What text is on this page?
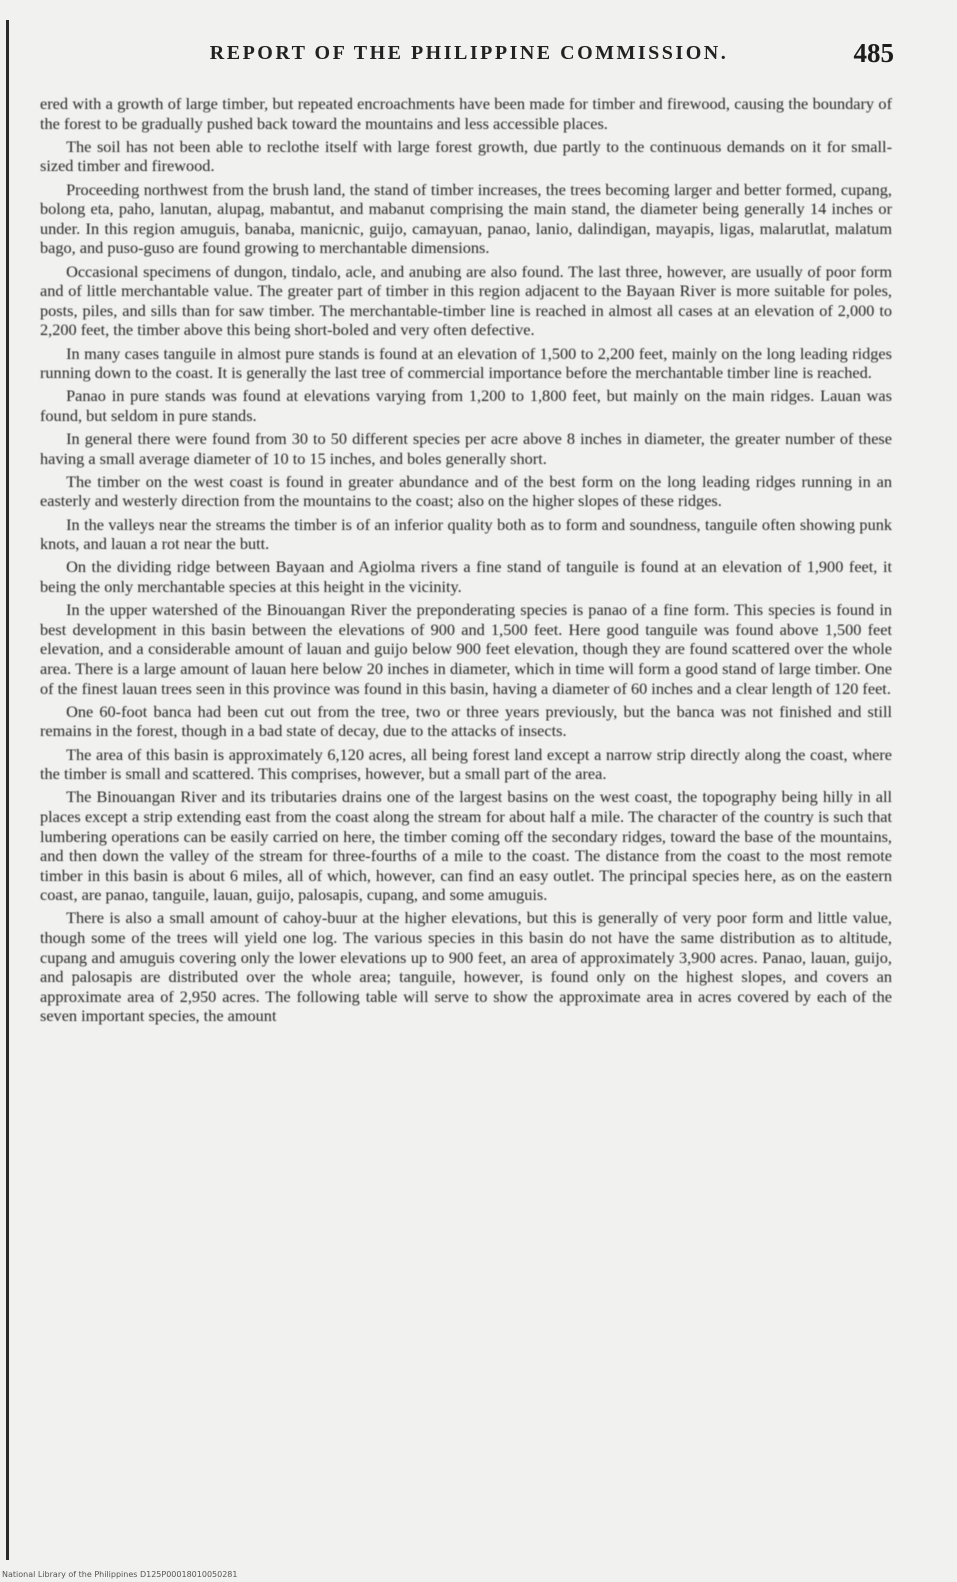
REPORT OF THE PHILIPPINE COMMISSION.	485

ered with a growth of large timber, but repeated encroachments have been made for timber and firewood, causing the boundary of the forest to be gradually pushed back toward the mountains and less accessible places.

The soil has not been able to reclothe itself with large forest growth, due partly to the continuous demands on it for small-sized timber and firewood.

Proceeding northwest from the brush land, the stand of timber increases, the trees becoming larger and better formed, cupang, bolong eta, paho, lanutan, alupag, mabantut, and mabanut comprising the main stand, the diameter being generally 14 inches or under. In this region amuguis, banaba, manicnic, guijo, camayuan, panao, lanio, dalindigan, mayapis, ligas, malarutlat, malatum bago, and puso-guso are found growing to merchantable dimensions.

Occasional specimens of dungon, tindalo, acle, and anubing are also found. The last three, however, are usually of poor form and of little merchantable value. The greater part of timber in this region adjacent to the Bayaan River is more suitable for poles, posts, piles, and sills than for saw timber. The merchantable-timber line is reached in almost all cases at an elevation of 2,000 to 2,200 feet, the timber above this being short-boled and very often defective.

In many cases tanguile in almost pure stands is found at an elevation of 1,500 to 2,200 feet, mainly on the long leading ridges running down to the coast. It is generally the last tree of commercial importance before the merchantable timber line is reached.

Panao in pure stands was found at elevations varying from 1,200 to 1,800 feet, but mainly on the main ridges. Lauan was found, but seldom in pure stands.

In general there were found from 30 to 50 different species per acre above 8 inches in diameter, the greater number of these having a small average diameter of 10 to 15 inches, and boles generally short.

The timber on the west coast is found in greater abundance and of the best form on the long leading ridges running in an easterly and westerly direction from the mountains to the coast; also on the higher slopes of these ridges.

In the valleys near the streams the timber is of an inferior quality both as to form and soundness, tanguile often showing punk knots, and lauan a rot near the butt.

On the dividing ridge between Bayaan and Agiolma rivers a fine stand of tanguile is found at an elevation of 1,900 feet, it being the only merchantable species at this height in the vicinity.

In the upper watershed of the Binouangan River the preponderating species is panao of a fine form. This species is found in best development in this basin between the elevations of 900 and 1,500 feet. Here good tanguile was found above 1,500 feet elevation, and a considerable amount of lauan and guijo below 900 feet elevation, though they are found scattered over the whole area. There is a large amount of lauan here below 20 inches in diameter, which in time will form a good stand of large timber. One of the finest lauan trees seen in this province was found in this basin, having a diameter of 60 inches and a clear length of 120 feet.

One 60-foot banca had been cut out from the tree, two or three years previously, but the banca was not finished and still remains in the forest, though in a bad state of decay, due to the attacks of insects.

The area of this basin is approximately 6,120 acres, all being forest land except a narrow strip directly along the coast, where the timber is small and scattered. This comprises, however, but a small part of the area.

The Binouangan River and its tributaries drains one of the largest basins on the west coast, the topography being hilly in all places except a strip extending east from the coast along the stream for about half a mile. The character of the country is such that lumbering operations can be easily carried on here, the timber coming off the secondary ridges, toward the base of the mountains, and then down the valley of the stream for three-fourths of a mile to the coast. The distance from the coast to the most remote timber in this basin is about 6 miles, all of which, however, can find an easy outlet. The principal species here, as on the eastern coast, are panao, tanguile, lauan, guijo, palosapis, cupang, and some amuguis.

There is also a small amount of cahoy-buur at the higher elevations, but this is generally of very poor form and little value, though some of the trees will yield one log. The various species in this basin do not have the same distribution as to altitude, cupang and amuguis covering only the lower elevations up to 900 feet, an area of approximately 3,900 acres. Panao, lauan, guijo, and palosapis are distributed over the whole area; tanguile, however, is found only on the highest slopes, and covers an approximate area of 2,950 acres. The following table will serve to show the approximate area in acres covered by each of the seven important species, the amount

National Library of the Philippines D125P00018010050281
